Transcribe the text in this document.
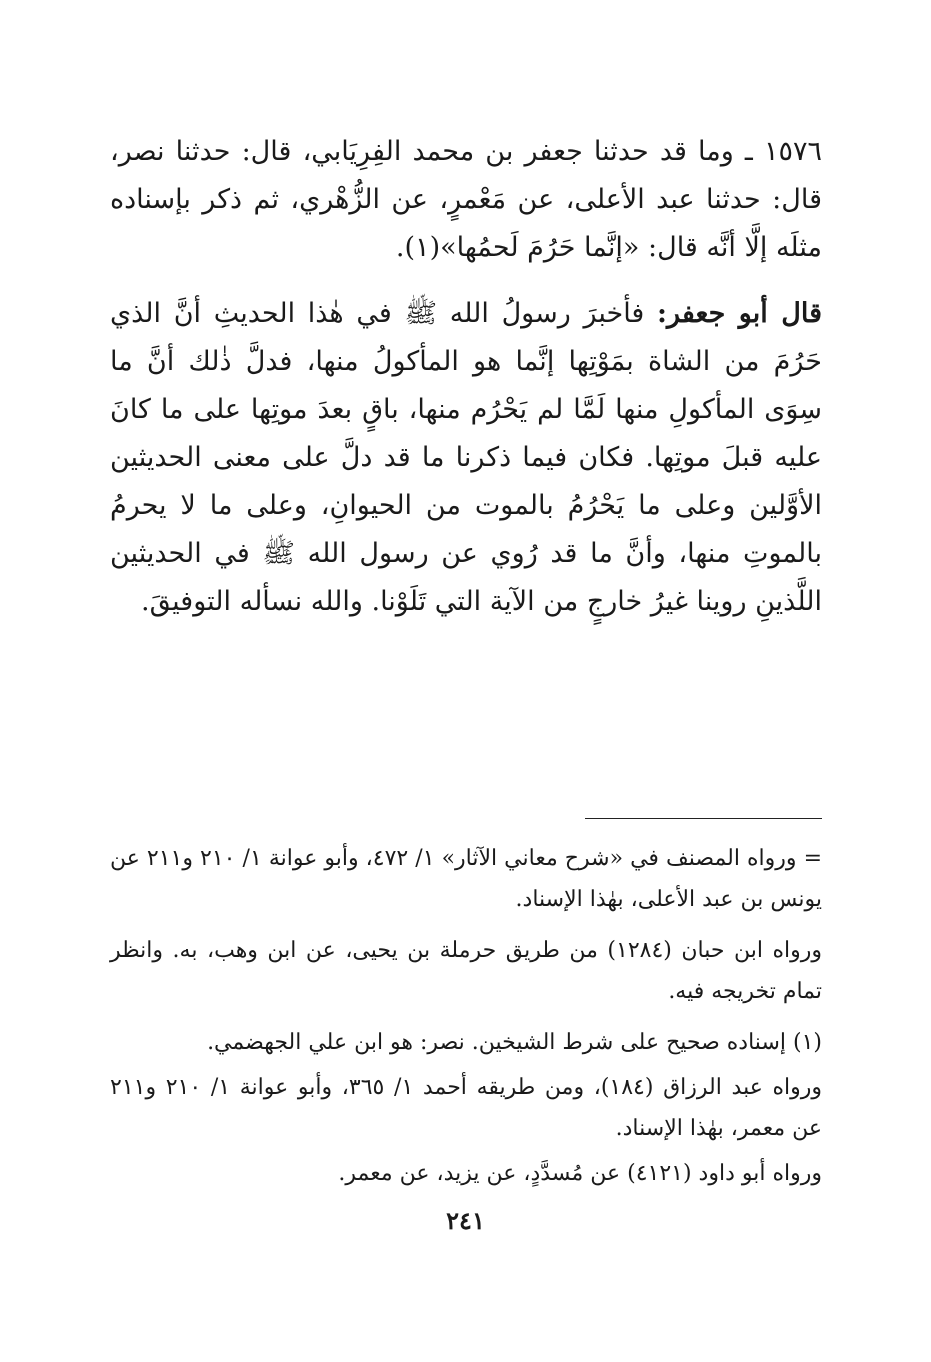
١٥٧٦ ـ وما قد حدثنا جعفر بن محمد الفِرِيَابي، قال: حدثنا نصر، قال: حدثنا عبد الأعلى، عن مَعْمرٍ، عن الزُّهْري، ثم ذكر بإسناده مثلَه إلَّا أنَّه قال: «إنَّما حَرُمَ لَحمُها»(١).

قال أبو جعفر: فأخبرَ رسولُ الله ﷺ في هٰذا الحديثِ أنَّ الذي حَرُمَ من الشاة بمَوْتِها إنَّما هو المأكولُ منها، فدلَّ ذٰلك أنَّ ما سِوَى المأكولِ منها لَمَّا لم يَحْرُم منها، باقٍ بعدَ موتِها على ما كانَ عليه قبلَ موتِها. فكان فيما ذكرنا ما قد دلَّ على معنى الحديثين الأوَّلين وعلى ما يَحْرُمُ بالموت من الحيوانِ، وعلى ما لا يحرمُ بالموتِ منها، وأنَّ ما قد رُوي عن رسول الله ﷺ في الحديثين اللَّذينِ روينا غيرُ خارجٍ من الآية التي تَلَوْنا. والله نسأله التوفيقَ.

= ورواه المصنف في «شرح معاني الآثار» ١/ ٤٧٢، وأبو عوانة ١/ ٢١٠ و٢١١ عن يونس بن عبد الأعلى، بهٰذا الإسناد.

ورواه ابن حبان (١٢٨٤) من طريق حرملة بن يحيى، عن ابن وهب، به. وانظر تمام تخريجه فيه.

(١) إسناده صحيح على شرط الشيخين. نصر: هو ابن علي الجهضمي.

ورواه عبد الرزاق (١٨٤)، ومن طريقه أحمد ١/ ٣٦٥، وأبو عوانة ١/ ٢١٠ و٢١١ عن معمر، بهٰذا الإسناد.

ورواه أبو داود (٤١٢١) عن مُسدَّدٍ، عن يزيد، عن معمر.

٢٤١
